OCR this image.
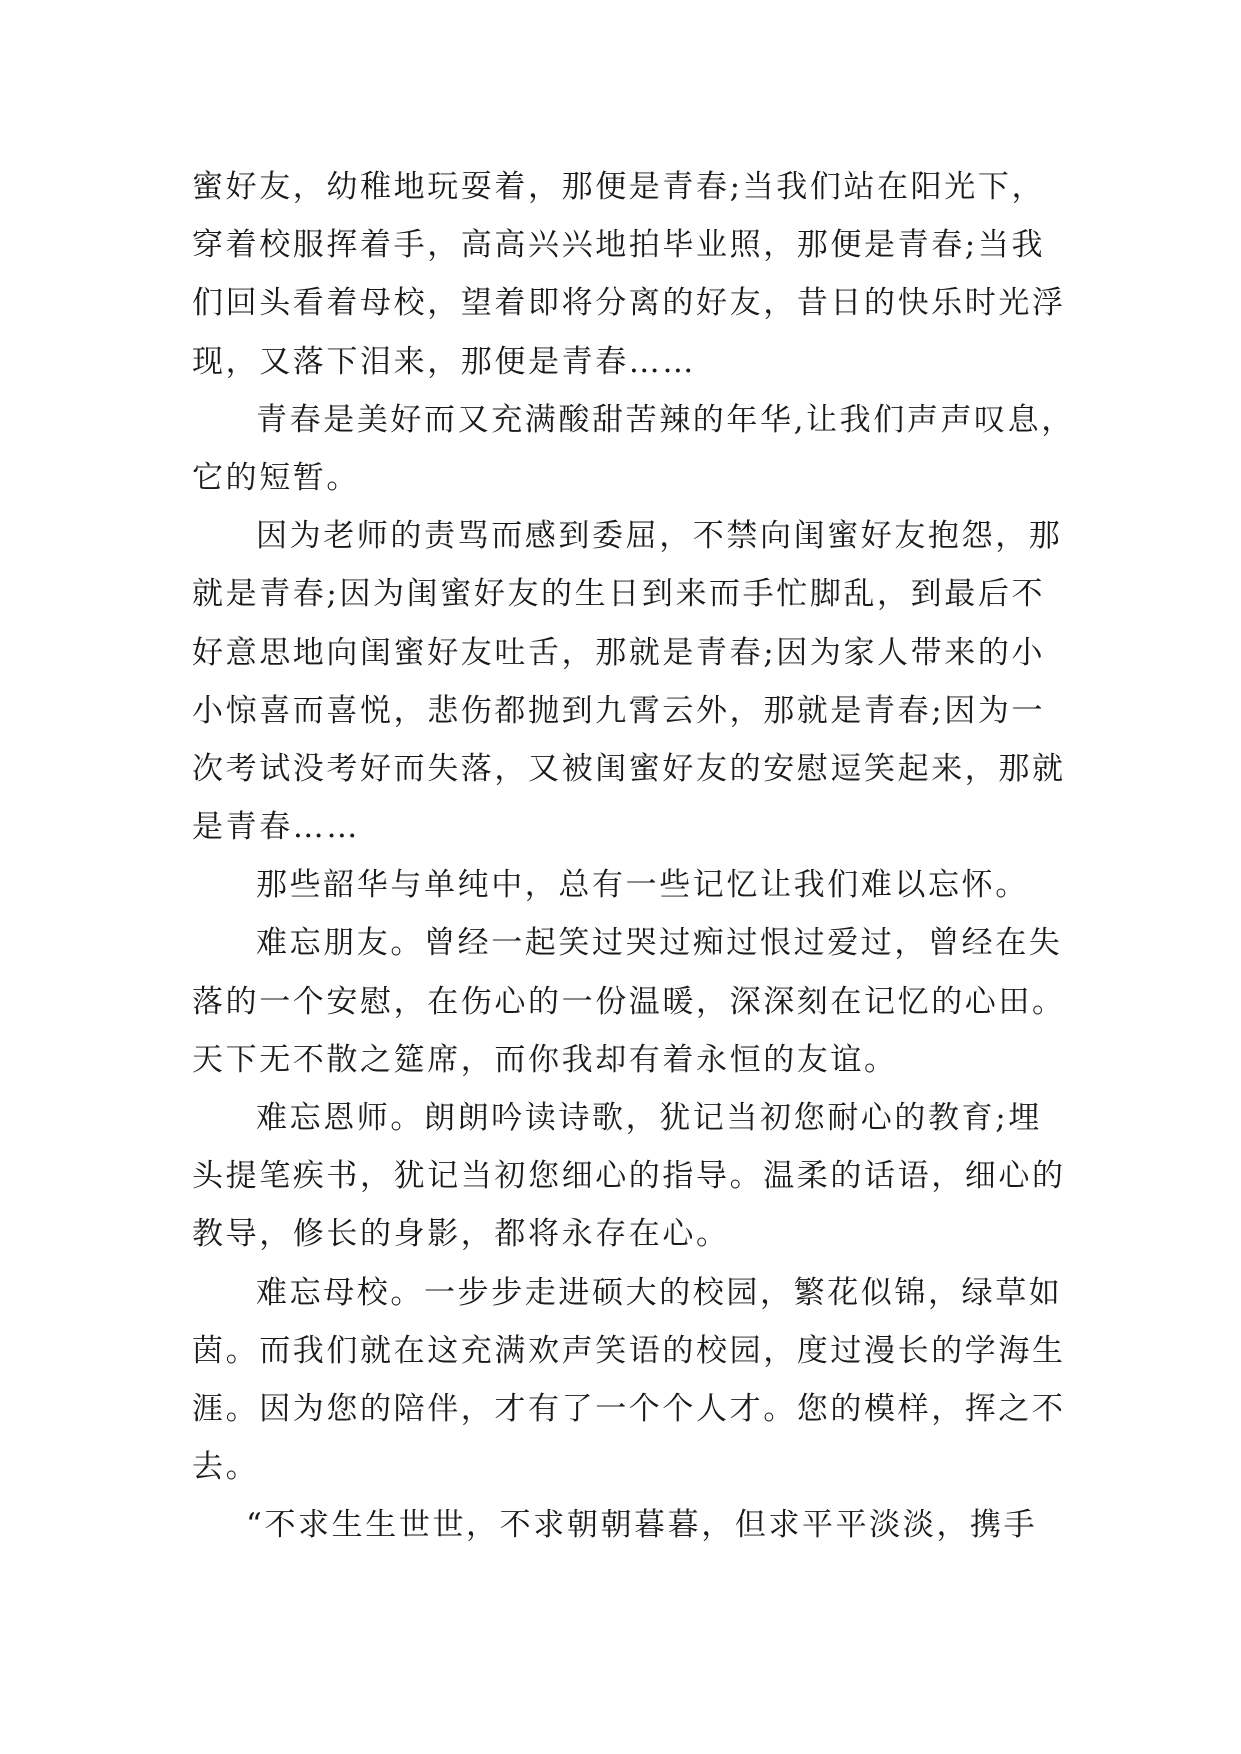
蜜好友，幼稚地玩耍着，那便是青春;当我们站在阳光下，
穿着校服挥着手，高高兴兴地拍毕业照，那便是青春;当我
们回头看着母校，望着即将分离的好友，昔日的快乐时光浮
现，又落下泪来，那便是青春……
青春是美好而又充满酸甜苦辣的年华,让我们声声叹息，
它的短暂。
因为老师的责骂而感到委屈，不禁向闺蜜好友抱怨，那
就是青春;因为闺蜜好友的生日到来而手忙脚乱，到最后不
好意思地向闺蜜好友吐舌，那就是青春;因为家人带来的小
小惊喜而喜悦，悲伤都抛到九霄云外，那就是青春;因为一
次考试没考好而失落，又被闺蜜好友的安慰逗笑起来，那就
是青春……
那些韶华与单纯中，总有一些记忆让我们难以忘怀。
难忘朋友。曾经一起笑过哭过痴过恨过爱过，曾经在失
落的一个安慰，在伤心的一份温暖，深深刻在记忆的心田。
天下无不散之筵席，而你我却有着永恒的友谊。
难忘恩师。朗朗吟读诗歌，犹记当初您耐心的教育;埋
头提笔疾书，犹记当初您细心的指导。温柔的话语，细心的
教导，修长的身影，都将永存在心。
难忘母校。一步步走进硕大的校园，繁花似锦，绿草如
茵。而我们就在这充满欢声笑语的校园，度过漫长的学海生
涯。因为您的陪伴，才有了一个个人才。您的模样，挥之不
去。
“不求生生世世，不求朝朝暮暮，但求平平淡淡，携手
